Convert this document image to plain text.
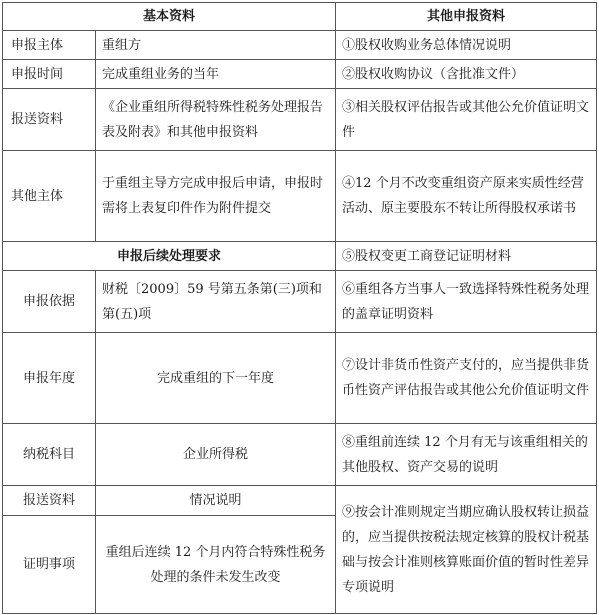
基本资料		其他申报资料
申报主体	重组方	①股权收购业务总体情况说明
申报时间	完成重组业务的当年	②股权收购协议（含批准文件）
报送资料	《企业重组所得税特殊性税务处理报告表及附表》和其他申报资料	③相关股权评估报告或其他公允价值证明文件
其他主体	于重组主导方完成申报后申请，申报时需将上表复印件作为附件提交	④12 个月不改变重组资产原来实质性经营活动、原主要股东不转让所得股权承诺书
申报后续处理要求		⑤股权变更工商登记证明材料
申报依据	财税〔2009〕59 号第五条第(三)项和第(五)项	⑥重组各方当事人一致选择特殊性税务处理的盖章证明资料
申报年度	完成重组的下一年度	⑦设计非货币性资产支付的，应当提供非货币性资产评估报告或其他公允价值证明文件
纳税科目	企业所得税	⑧重组前连续 12 个月有无与该重组相关的其他股权、资产交易的说明
报送资料	情况说明	⑨按会计准则规定当期应确认股权转让损益的，应当提供按税法规定核算的股权计税基础与按会计准则核算账面价值的暂时性差异专项说明
证明事项	重组后连续 12 个月内符合特殊性税务处理的条件未发生改变	
